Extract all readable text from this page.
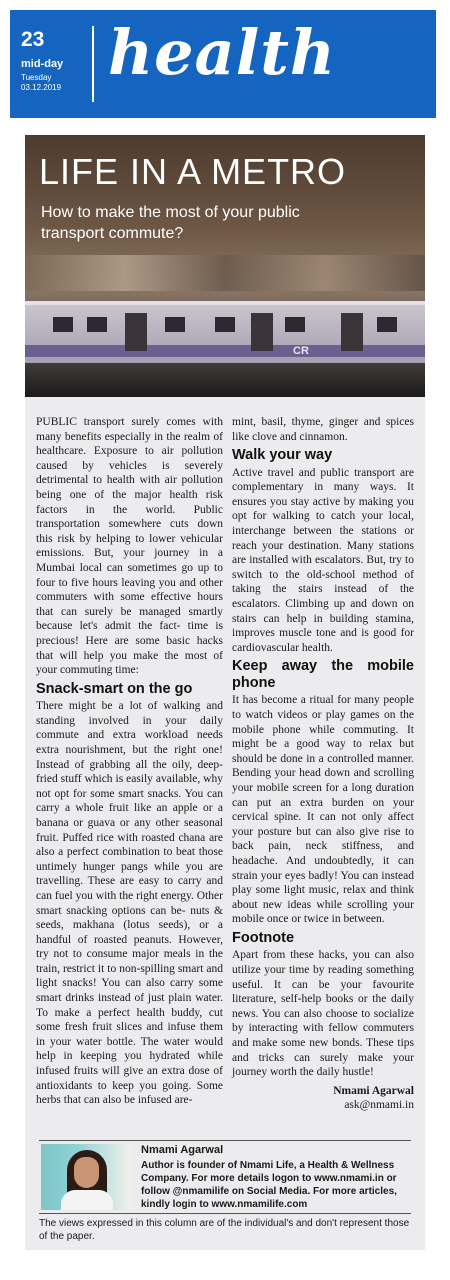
23
mid-day
Tuesday
03.12.2019 health
CR
LIFE IN A METRO
How to make the most of your public transport commute?

PUBLIC transport surely comes with many benefits especially in the realm of healthcare. Exposure to air pollution caused by vehicles is severely detrimental to health with air pollution being one of the major health risk factors in the world. Public transportation somewhere cuts down this risk by helping to lower vehicular emissions. But, your journey in a Mumbai local can sometimes go up to four to five hours leaving you and other commuters with some effective hours that can surely be managed smartly because let's admit the fact- time is precious! Here are some basic hacks that will help you make the most of your commuting time:

Snack-smart on the go

There might be a lot of walking and standing involved in your daily commute and extra workload needs extra nourishment, but the right one! Instead of grabbing all the oily, deep-fried stuff which is easily available, why not opt for some smart snacks. You can carry a whole fruit like an apple or a banana or guava or any other seasonal fruit. Puffed rice with roasted chana are also a perfect combination to beat those untimely hunger pangs while you are travelling. These are easy to carry and can fuel you with the right energy. Other smart snacking options can be- nuts & seeds, makhana (lotus seeds), or a handful of roasted peanuts. However, try not to consume major meals in the train, restrict it to non-spilling smart and light snacks! You can also carry some smart drinks instead of just plain water. To make a perfect health buddy, cut some fresh fruit slices and infuse them in your water bottle. The water would help in keeping you hydrated while infused fruits will give an extra dose of antioxidants to keep you going. Some herbs that can also be infused are-

mint, basil, thyme, ginger and spices like clove and cinnamon.

Walk your way

Active travel and public transport are complementary in many ways. It ensures you stay active by making you opt for walking to catch your local, interchange between the stations or reach your destination. Many stations are installed with escalators. But, try to switch to the old-school method of taking the stairs instead of the escalators. Climbing up and down on stairs can help in building stamina, improves muscle tone and is good for cardiovascular health.

Keep away the mobile phone

It has become a ritual for many people to watch videos or play games on the mobile phone while commuting. It might be a good way to relax but should be done in a controlled manner. Bending your head down and scrolling your mobile screen for a long duration can put an extra burden on your cervical spine. It can not only affect your posture but can also give rise to back pain, neck stiffness, and headache. And undoubtedly, it can strain your eyes badly! You can instead play some light music, relax and think about new ideas while scrolling your mobile once or twice in between.

Footnote

Apart from these hacks, you can also utilize your time by reading something useful. It can be your favourite literature, self-help books or the daily news. You can also choose to socialize by interacting with fellow commuters and make some new bonds. These tips and tricks can surely make your journey worth the daily hustle!

Nmami Agarwal
ask@nmami.in
Nmami Agarwal
Author is founder of Nmami Life, a Health & Wellness Company. For more details logon to www.nmami.in or follow @nmamilife on Social Media. For more articles, kindly login to www.nmamilife.com
The views expressed in this column are of the individual's and don't represent those of the paper.
